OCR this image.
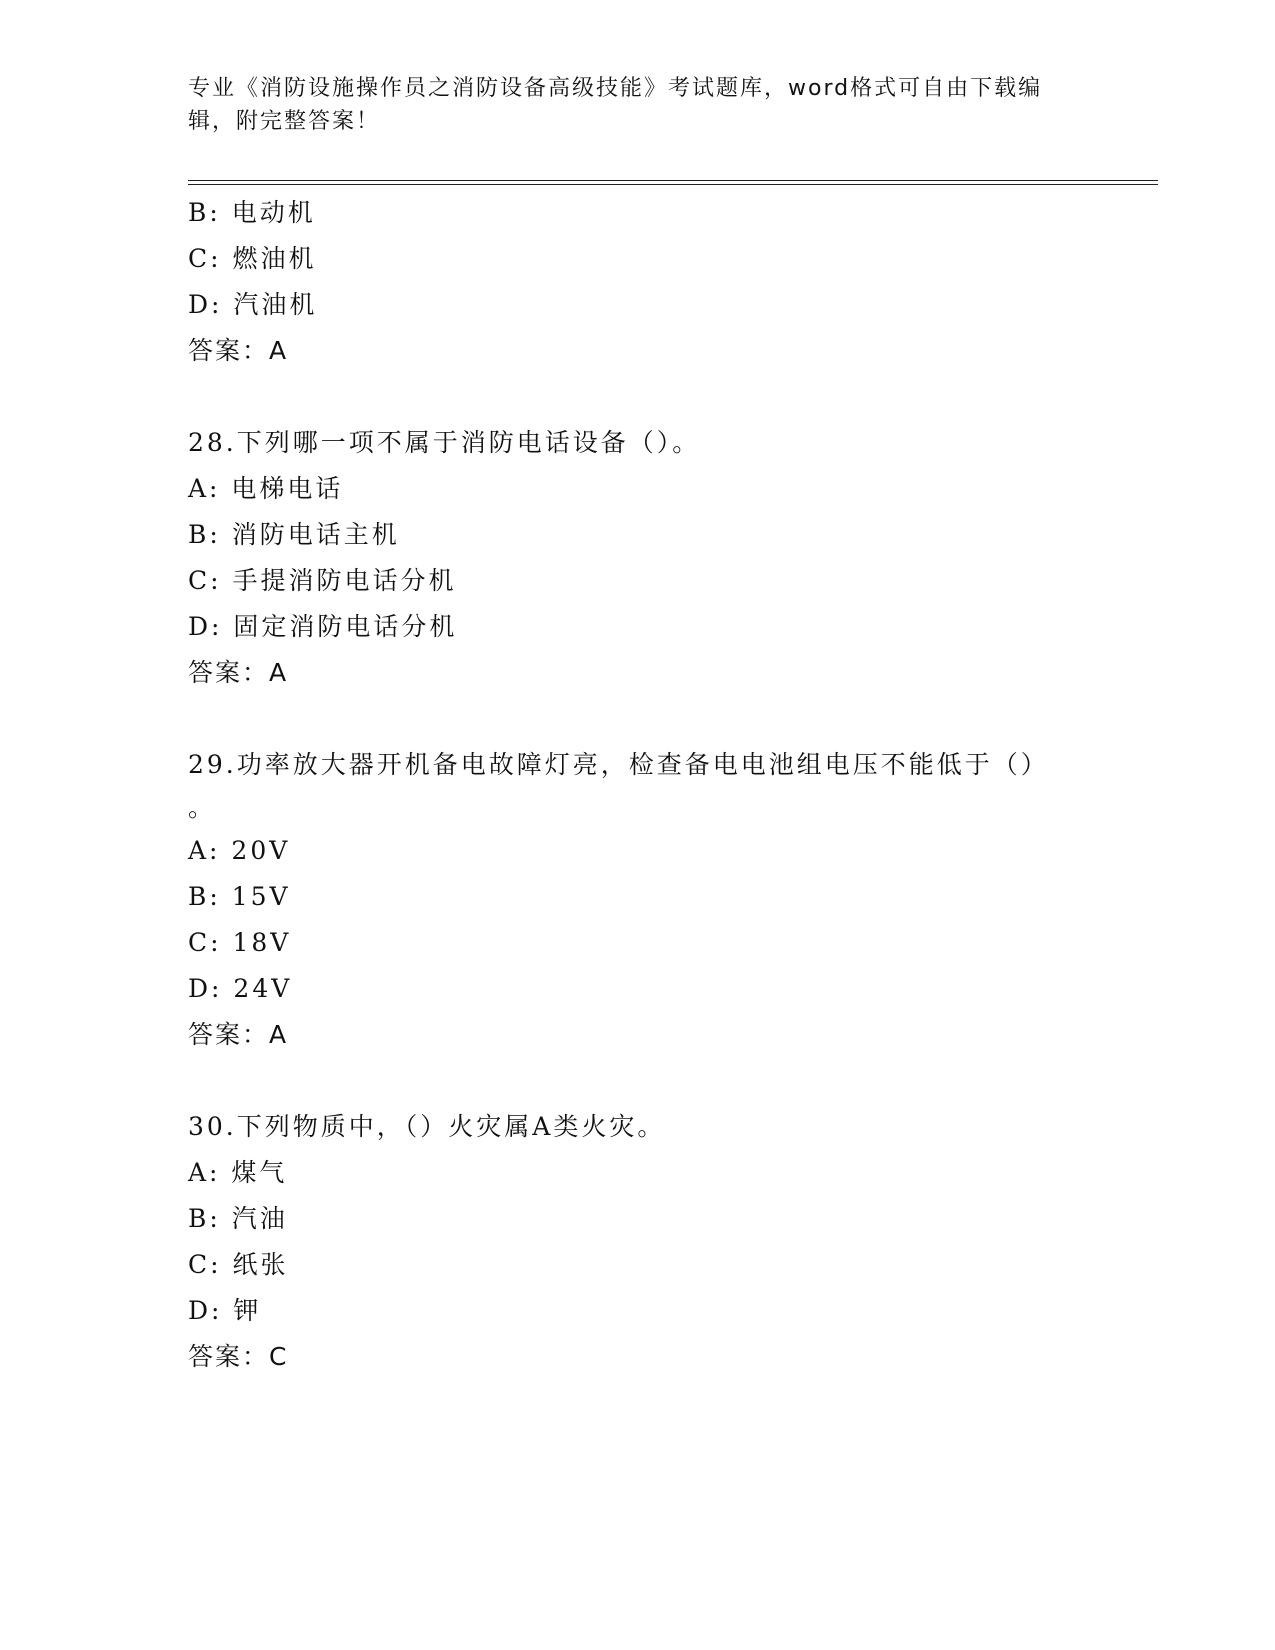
专业《消防设施操作员之消防设备高级技能》考试题库，word格式可自由下载编
辑，附完整答案！
B: 电动机
C: 燃油机
D: 汽油机
答案：A
28.下列哪一项不属于消防电话设备（）。
A: 电梯电话
B: 消防电话主机
C: 手提消防电话分机
D: 固定消防电话分机
答案：A
29.功率放大器开机备电故障灯亮，检查备电电池组电压不能低于（）
。
A: 20V
B: 15V
C: 18V
D: 24V
答案：A
30.下列物质中，（）火灾属A类火灾。
A: 煤气
B: 汽油
C: 纸张
D: 钾
答案：C
